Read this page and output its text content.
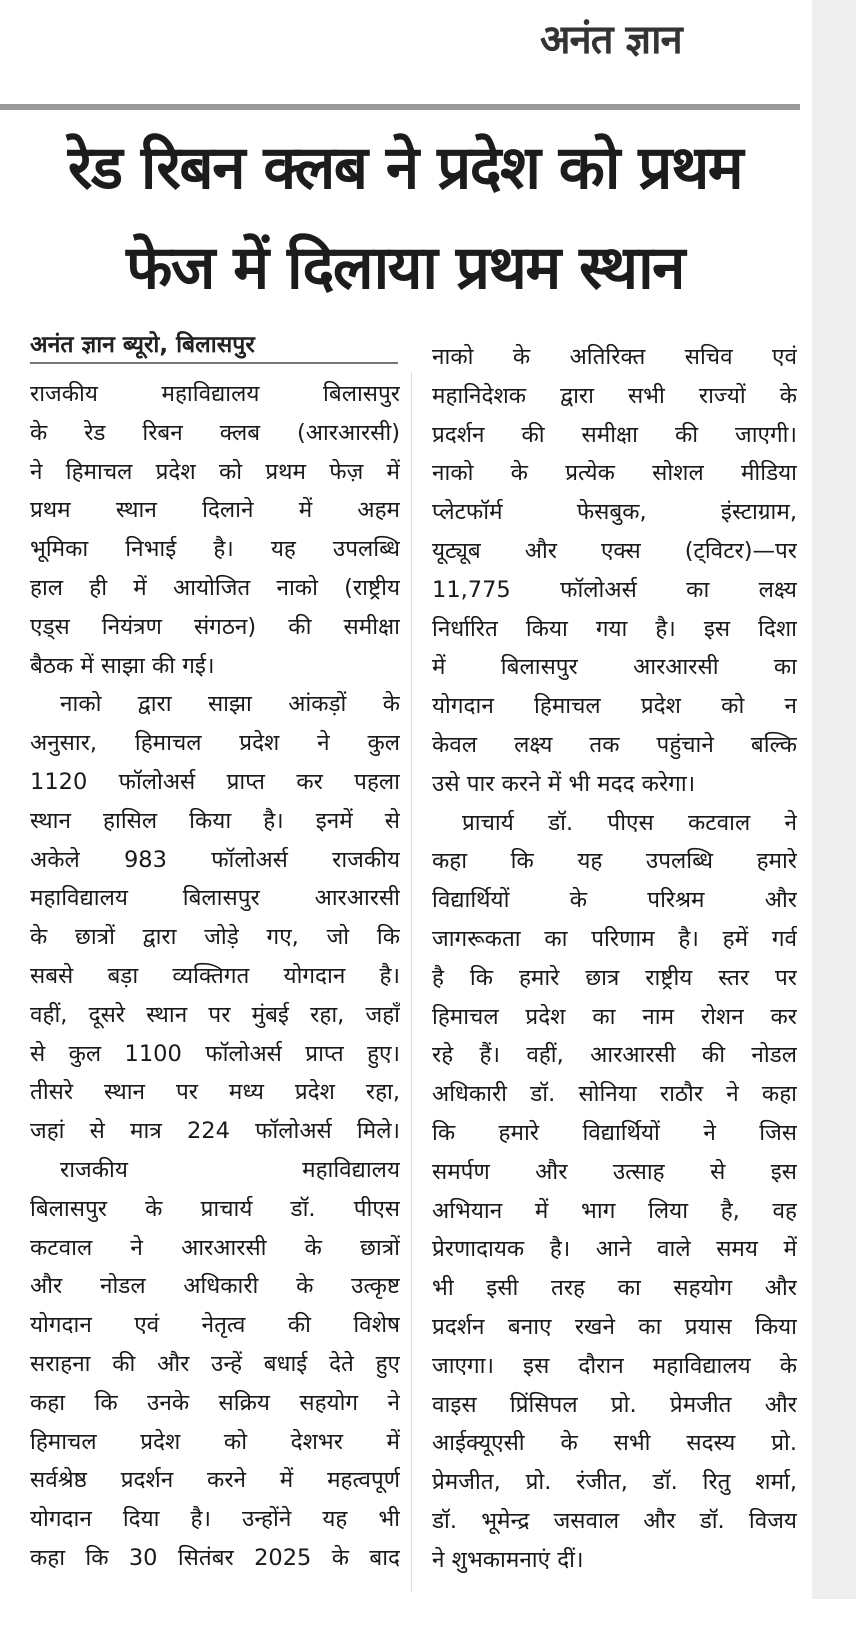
अनंत ज्ञान
रेड रिबन क्लब ने प्रदेश को प्रथम
फेज में दिलाया प्रथम स्थान
अनंत ज्ञान ब्यूरो, बिलासपुर
राजकीय महाविद्यालय बिलासपुर
के रेड रिबन क्लब (आरआरसी)
ने हिमाचल प्रदेश को प्रथम फेज़ में
प्रथम स्थान दिलाने में अहम
भूमिका निभाई है। यह उपलब्धि
हाल ही में आयोजित नाको (राष्ट्रीय
एड्स नियंत्रण संगठन) की समीक्षा
बैठक में साझा की गई।
नाको द्वारा साझा आंकड़ों के
अनुसार, हिमाचल प्रदेश ने कुल
1120 फॉलोअर्स प्राप्त कर पहला
स्थान हासिल किया है। इनमें से
अकेले 983 फॉलोअर्स राजकीय
महाविद्यालय बिलासपुर आरआरसी
के छात्रों द्वारा जोड़े गए, जो कि
सबसे बड़ा व्यक्तिगत योगदान है।
वहीं, दूसरे स्थान पर मुंबई रहा, जहाँ
से कुल 1100 फॉलोअर्स प्राप्त हुए।
तीसरे स्थान पर मध्य प्रदेश रहा,
जहां से मात्र 224 फॉलोअर्स मिले।
राजकीय महाविद्यालय
बिलासपुर के प्राचार्य डॉ. पीएस
कटवाल ने आरआरसी के छात्रों
और नोडल अधिकारी के उत्कृष्ट
योगदान एवं नेतृत्व की विशेष
सराहना की और उन्हें बधाई देते हुए
कहा कि उनके सक्रिय सहयोग ने
हिमाचल प्रदेश को देशभर में
सर्वश्रेष्ठ प्रदर्शन करने में महत्वपूर्ण
योगदान दिया है। उन्होंने यह भी
कहा कि 30 सितंबर 2025 के बाद
नाको के अतिरिक्त सचिव एवं
महानिदेशक द्वारा सभी राज्यों के
प्रदर्शन की समीक्षा की जाएगी।
नाको के प्रत्येक सोशल मीडिया
प्लेटफॉर्म फेसबुक, इंस्टाग्राम,
यूट्यूब और एक्स (ट्विटर)—पर
11,775 फॉलोअर्स का लक्ष्य
निर्धारित किया गया है। इस दिशा
में बिलासपुर आरआरसी का
योगदान हिमाचल प्रदेश को न
केवल लक्ष्य तक पहुंचाने बल्कि
उसे पार करने में भी मदद करेगा।
प्राचार्य डॉ. पीएस कटवाल ने
कहा कि यह उपलब्धि हमारे
विद्यार्थियों के परिश्रम और
जागरूकता का परिणाम है। हमें गर्व
है कि हमारे छात्र राष्ट्रीय स्तर पर
हिमाचल प्रदेश का नाम रोशन कर
रहे हैं। वहीं, आरआरसी की नोडल
अधिकारी डॉ. सोनिया राठौर ने कहा
कि हमारे विद्यार्थियों ने जिस
समर्पण और उत्साह से इस
अभियान में भाग लिया है, वह
प्रेरणादायक है। आने वाले समय में
भी इसी तरह का सहयोग और
प्रदर्शन बनाए रखने का प्रयास किया
जाएगा। इस दौरान महाविद्यालय के
वाइस प्रिंसिपल प्रो. प्रेमजीत और
आईक्यूएसी के सभी सदस्य प्रो.
प्रेमजीत, प्रो. रंजीत, डॉ. रितु शर्मा,
डॉ. भूमेन्द्र जसवाल और डॉ. विजय
ने शुभकामनाएं दीं।
